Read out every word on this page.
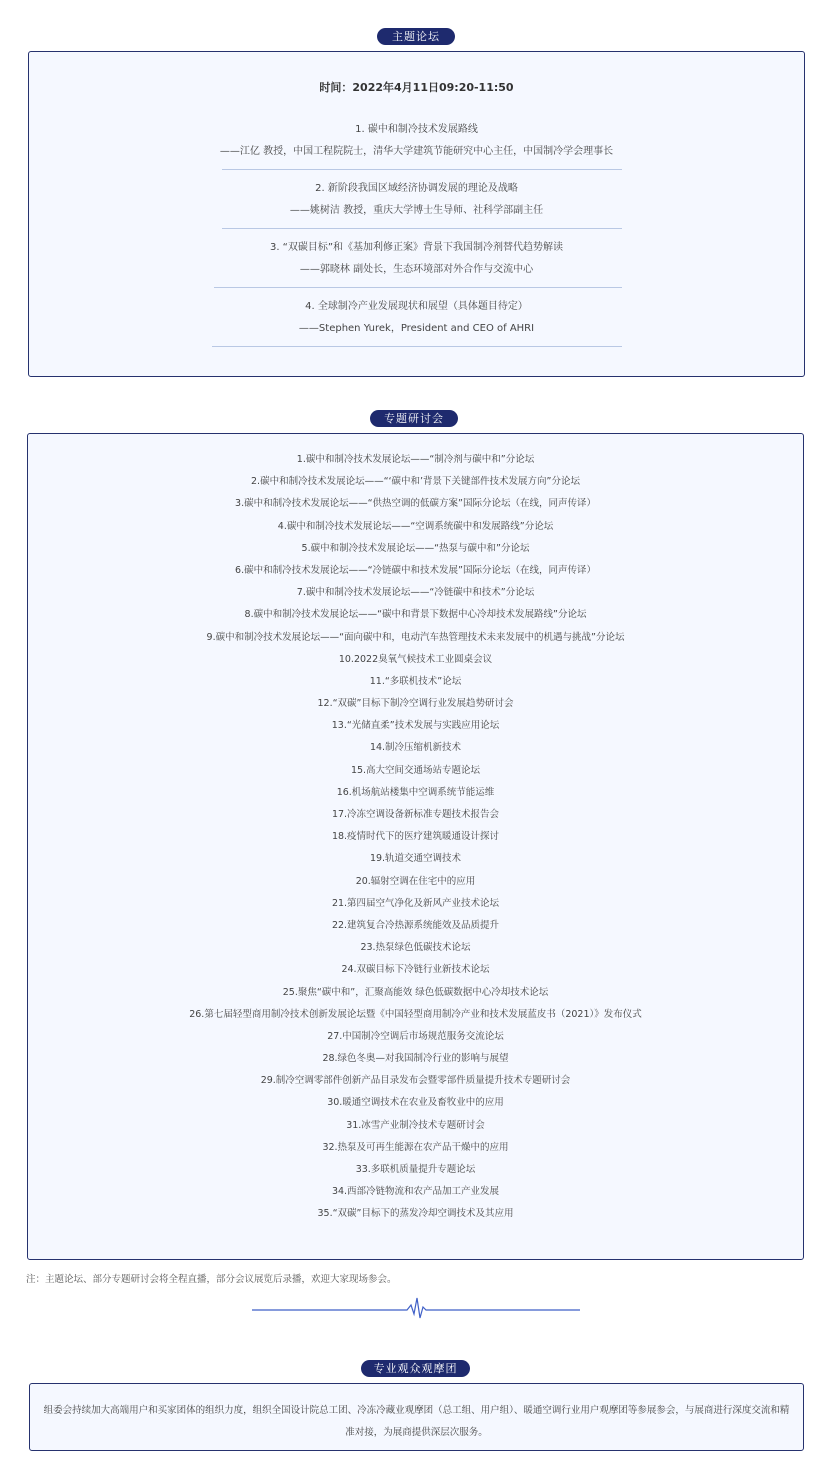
主题论坛
时间：2022年4月11日09:20-11:50
1. 碳中和制冷技术发展路线
——江亿 教授，中国工程院院士，清华大学建筑节能研究中心主任，中国制冷学会理事长
2. 新阶段我国区域经济协调发展的理论及战略
——姚树洁 教授，重庆大学博士生导师、社科学部副主任
3. “双碳目标”和《基加利修正案》背景下我国制冷剂替代趋势解读
——郭晓林 副处长，生态环境部对外合作与交流中心
4. 全球制冷产业发展现状和展望（具体题目待定）
——Stephen Yurek，President and CEO of AHRI
专题研讨会
1.碳中和制冷技术发展论坛——“制冷剂与碳中和”分论坛
2.碳中和制冷技术发展论坛——“‘碳中和’背景下关键部件技术发展方向”分论坛
3.碳中和制冷技术发展论坛——“供热空调的低碳方案”国际分论坛（在线，同声传译）
4.碳中和制冷技术发展论坛——“空调系统碳中和发展路线”分论坛
5.碳中和制冷技术发展论坛——“热泵与碳中和”分论坛
6.碳中和制冷技术发展论坛——“冷链碳中和技术发展”国际分论坛（在线，同声传译）
7.碳中和制冷技术发展论坛——“冷链碳中和技术”分论坛
8.碳中和制冷技术发展论坛——“碳中和背景下数据中心冷却技术发展路线”分论坛
9.碳中和制冷技术发展论坛——“面向碳中和，电动汽车热管理技术未来发展中的机遇与挑战”分论坛
10.2022臭氧气候技术工业圆桌会议
11.“多联机技术”论坛
12.“双碳”目标下制冷空调行业发展趋势研讨会
13.“光储直柔”技术发展与实践应用论坛
14.制冷压缩机新技术
15.高大空间交通场站专题论坛
16.机场航站楼集中空调系统节能运维
17.冷冻空调设备新标准专题技术报告会
18.疫情时代下的医疗建筑暖通设计探讨
19.轨道交通空调技术
20.辐射空调在住宅中的应用
21.第四届空气净化及新风产业技术论坛
22.建筑复合冷热源系统能效及品质提升
23.热泵绿色低碳技术论坛
24.双碳目标下冷链行业新技术论坛
25.聚焦“碳中和”，汇聚高能效 绿色低碳数据中心冷却技术论坛
26.第七届轻型商用制冷技术创新发展论坛暨《中国轻型商用制冷产业和技术发展蓝皮书（2021）》发布仪式
27.中国制冷空调后市场规范服务交流论坛
28.绿色冬奥—对我国制冷行业的影响与展望
29.制冷空调零部件创新产品目录发布会暨零部件质量提升技术专题研讨会
30.暖通空调技术在农业及畜牧业中的应用
31.冰雪产业制冷技术专题研讨会
32.热泵及可再生能源在农产品干燥中的应用
33.多联机质量提升专题论坛
34.西部冷链物流和农产品加工产业发展
35.“双碳”目标下的蒸发冷却空调技术及其应用
注：主题论坛、部分专题研讨会将全程直播，部分会议展览后录播，欢迎大家现场参会。
专业观众观摩团
组委会持续加大高端用户和买家团体的组织力度，组织全国设计院总工团、冷冻冷藏业观摩团（总工组、用户组）、暖通空调行业用户观摩团等参展参会，与展商进行深度交流和精准对接，为展商提供深层次服务。
